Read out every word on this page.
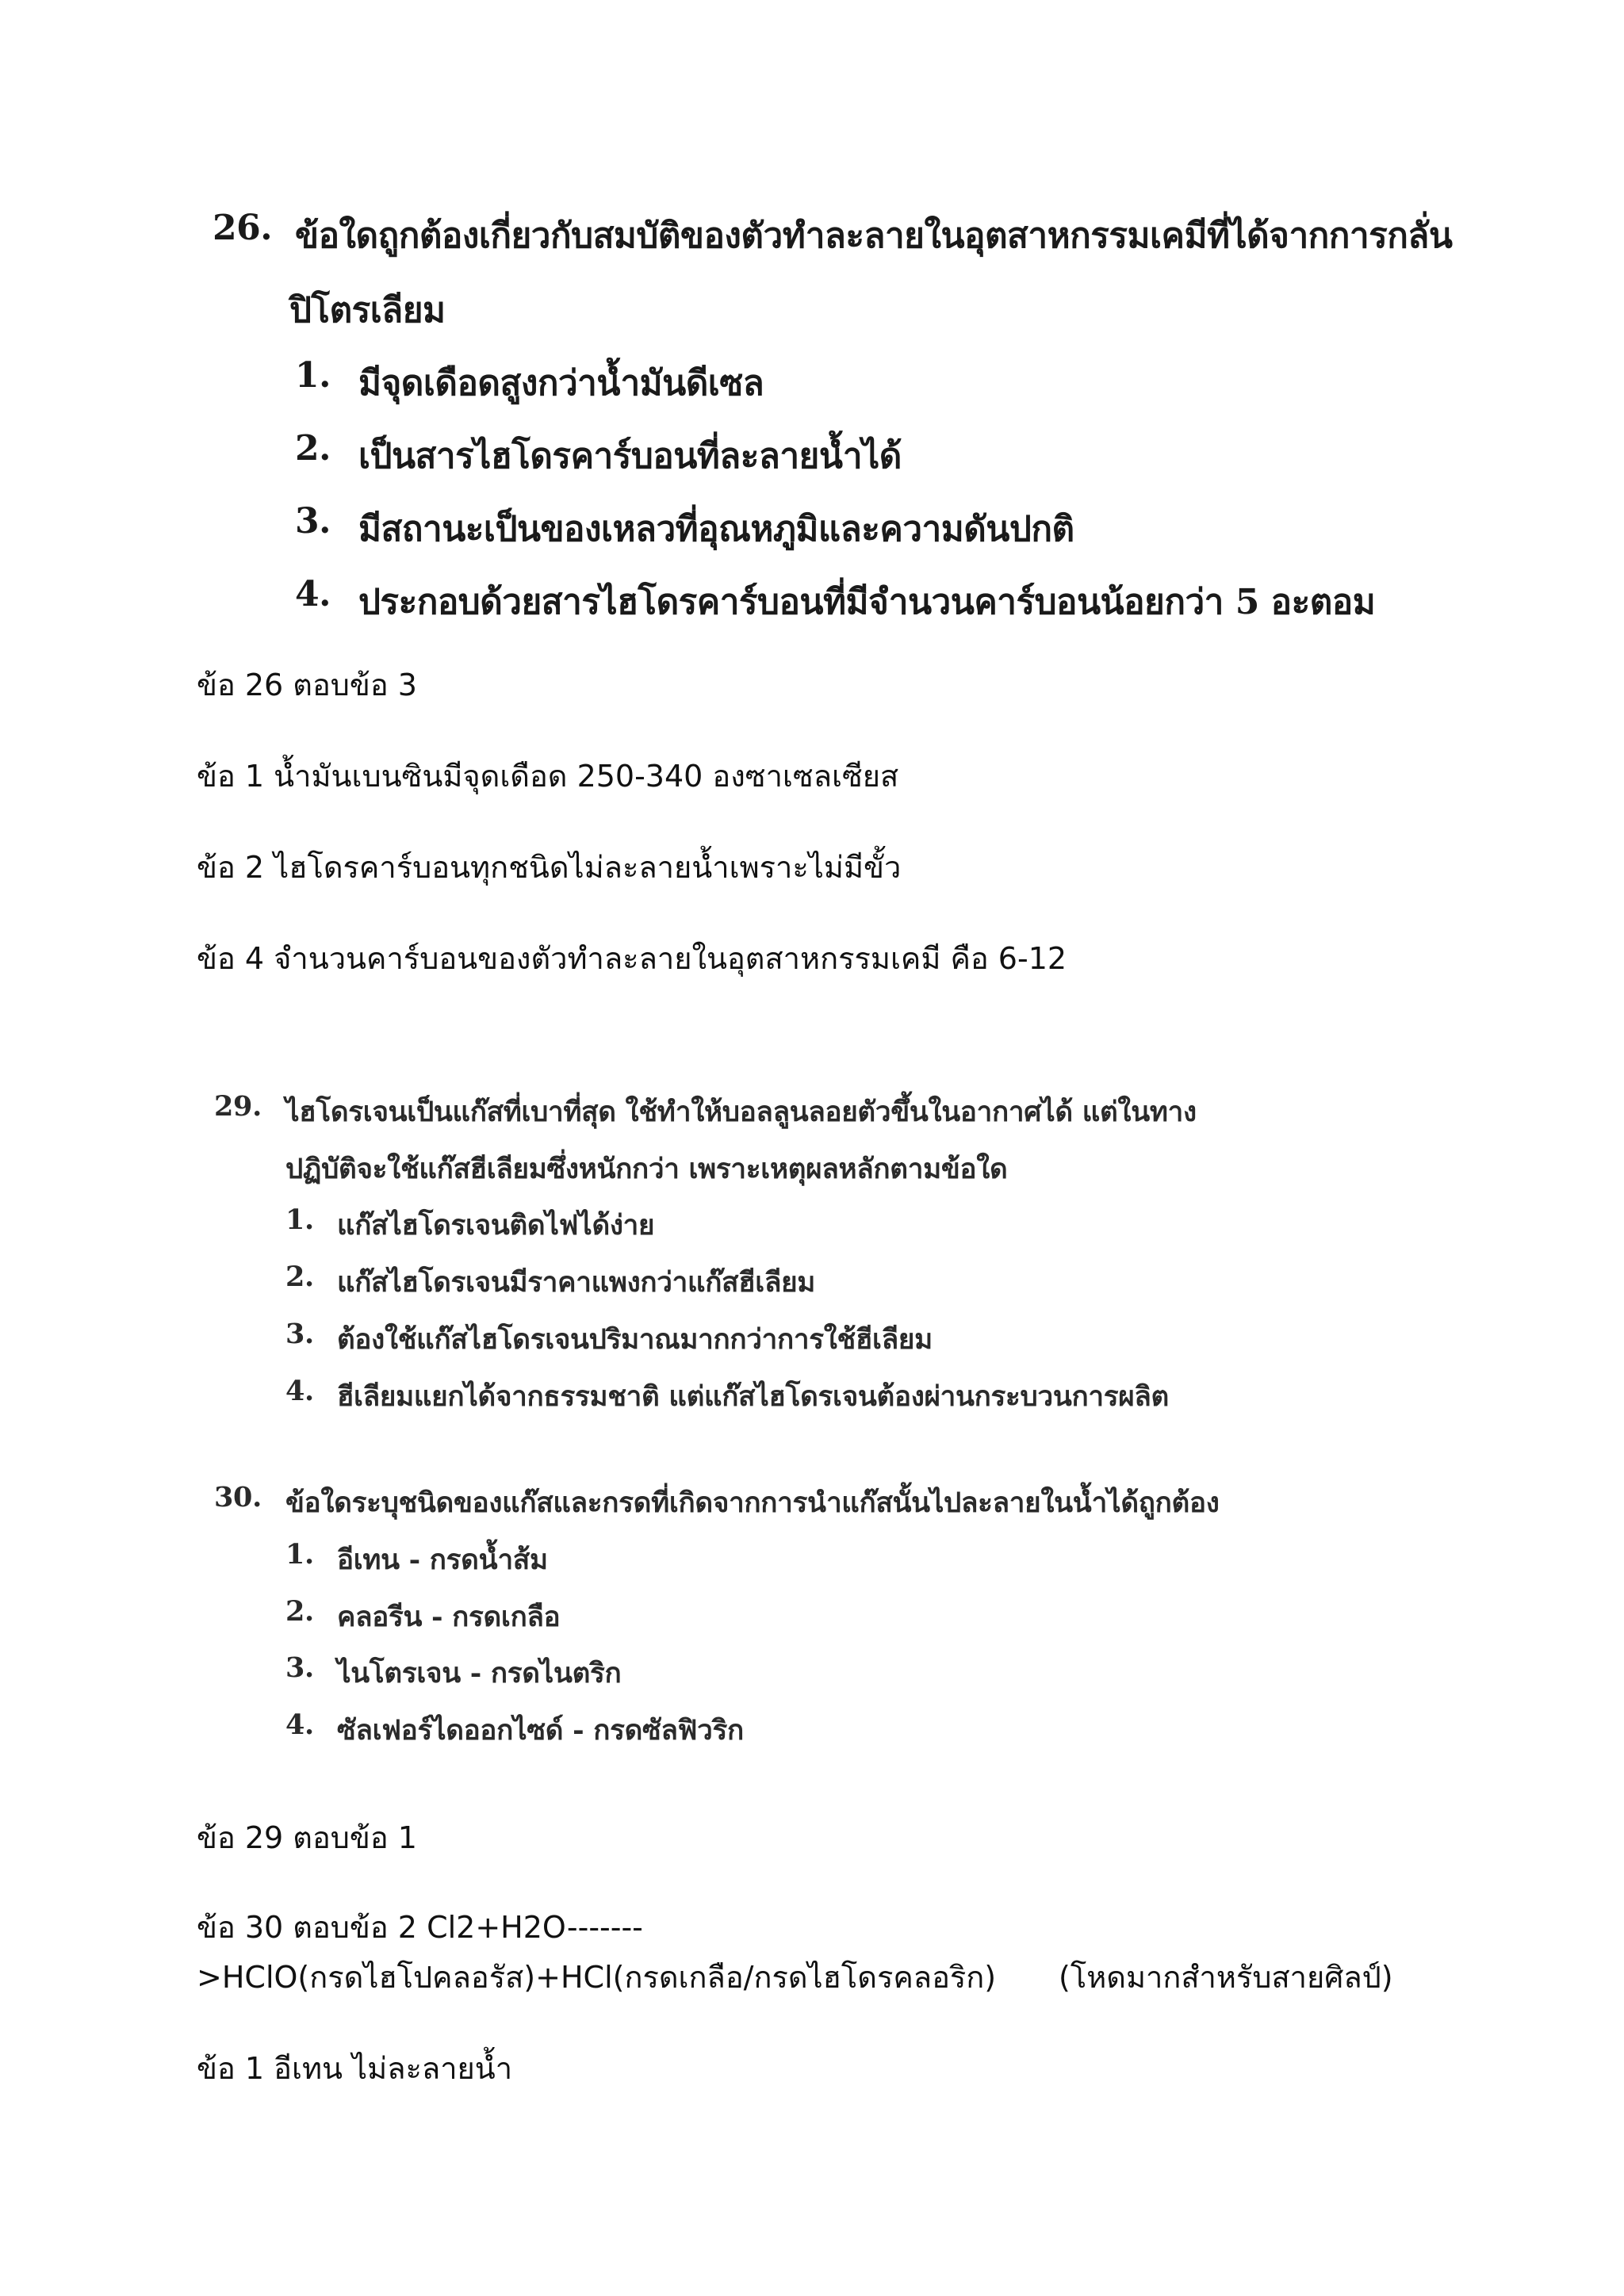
26. ข้อใดถูกต้องเกี่ยวกับสมบัติของตัวทำละลายในอุตสาหกรรมเคมีที่ได้จากการกลั่น
ปิโตรเลียม
1. มีจุดเดือดสูงกว่าน้ำมันดีเซล
2. เป็นสารไฮโดรคาร์บอนที่ละลายน้ำได้
3. มีสถานะเป็นของเหลวที่อุณหภูมิและความดันปกติ
4. ประกอบด้วยสารไฮโดรคาร์บอนที่มีจำนวนคาร์บอนน้อยกว่า 5 อะตอม
ข้อ 26 ตอบข้อ 3
ข้อ 1 น้ำมันเบนซินมีจุดเดือด 250-340 องซาเซลเซียส
ข้อ 2 ไฮโดรคาร์บอนทุกชนิดไม่ละลายน้ำเพราะไม่มีขั้ว
ข้อ 4 จำนวนคาร์บอนของตัวทำละลายในอุตสาหกรรมเคมี คือ 6-12
29. ไฮโดรเจนเป็นแก๊สที่เบาที่สุด ใช้ทำให้บอลลูนลอยตัวขึ้นในอากาศได้ แต่ในทาง
ปฏิบัติจะใช้แก๊สฮีเลียมซึ่งหนักกว่า เพราะเหตุผลหลักตามข้อใด
1. แก๊สไฮโดรเจนติดไฟได้ง่าย
2. แก๊สไฮโดรเจนมีราคาแพงกว่าแก๊สฮีเลียม
3. ต้องใช้แก๊สไฮโดรเจนปริมาณมากกว่าการใช้ฮีเลียม
4. ฮีเลียมแยกได้จากธรรมชาติ แต่แก๊สไฮโดรเจนต้องผ่านกระบวนการผลิต
30. ข้อใดระบุชนิดของแก๊สและกรดที่เกิดจากการนำแก๊สนั้นไปละลายในน้ำได้ถูกต้อง
1. อีเทน - กรดน้ำส้ม
2. คลอรีน - กรดเกลือ
3. ไนโตรเจน - กรดไนตริก
4. ซัลเฟอร์ไดออกไซด์ - กรดซัลฟิวริก
ข้อ 29 ตอบข้อ 1
ข้อ 30 ตอบข้อ 2 Cl2+H2O-------
>HClO(กรดไฮโปคลอรัส)+HCl(กรดเกลือ/กรดไฮโดรคลอริก) (โหดมากสำหรับสายศิลป์)
ข้อ 1 อีเทน ไม่ละลายน้ำ
